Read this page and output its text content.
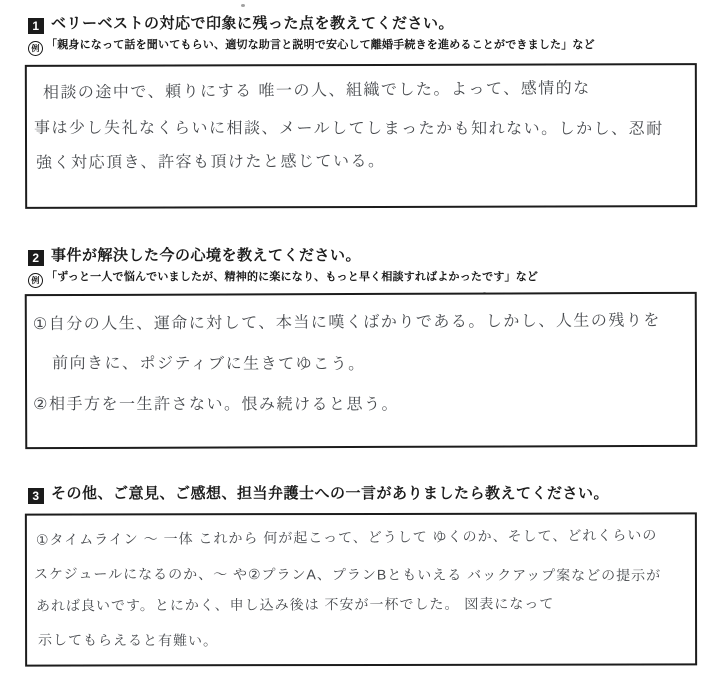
1 ベリーベストの対応で印象に残った点を教えてください。
例 「親身になって話を聞いてもらい、適切な助言と説明で安心して離婚手続きを進めることができました」など
相談の途中で、頼りにする 唯一の人、組織でした。よって、感情的な
事は少し失礼なくらいに相談、メールしてしまったかも知れない。しかし、忍耐
強く対応頂き、許容も頂けたと感じている。
2 事件が解決した今の心境を教えてください。
例 「ずっと一人で悩んでいましたが、精神的に楽になり、もっと早く相談すればよかったです」など
①自分の人生、運命に対して、本当に嘆くばかりである。しかし、人生の残りを
前向きに、ポジティブに生きてゆこう。
②相手方を一生許さない。恨み続けると思う。
3 その他、ご意見、ご感想、担当弁護士への一言がありましたら教えてください。
①タイムライン ～ 一体 これから 何が起こって、どうして ゆくのか、そして、どれくらいの
スケジュールになるのか、～ や②プランA、プランBともいえる バックアップ案などの提示が
あれば良いです。とにかく、申し込み後は 不安が一杯でした。 図表になって
示してもらえると有難い。
